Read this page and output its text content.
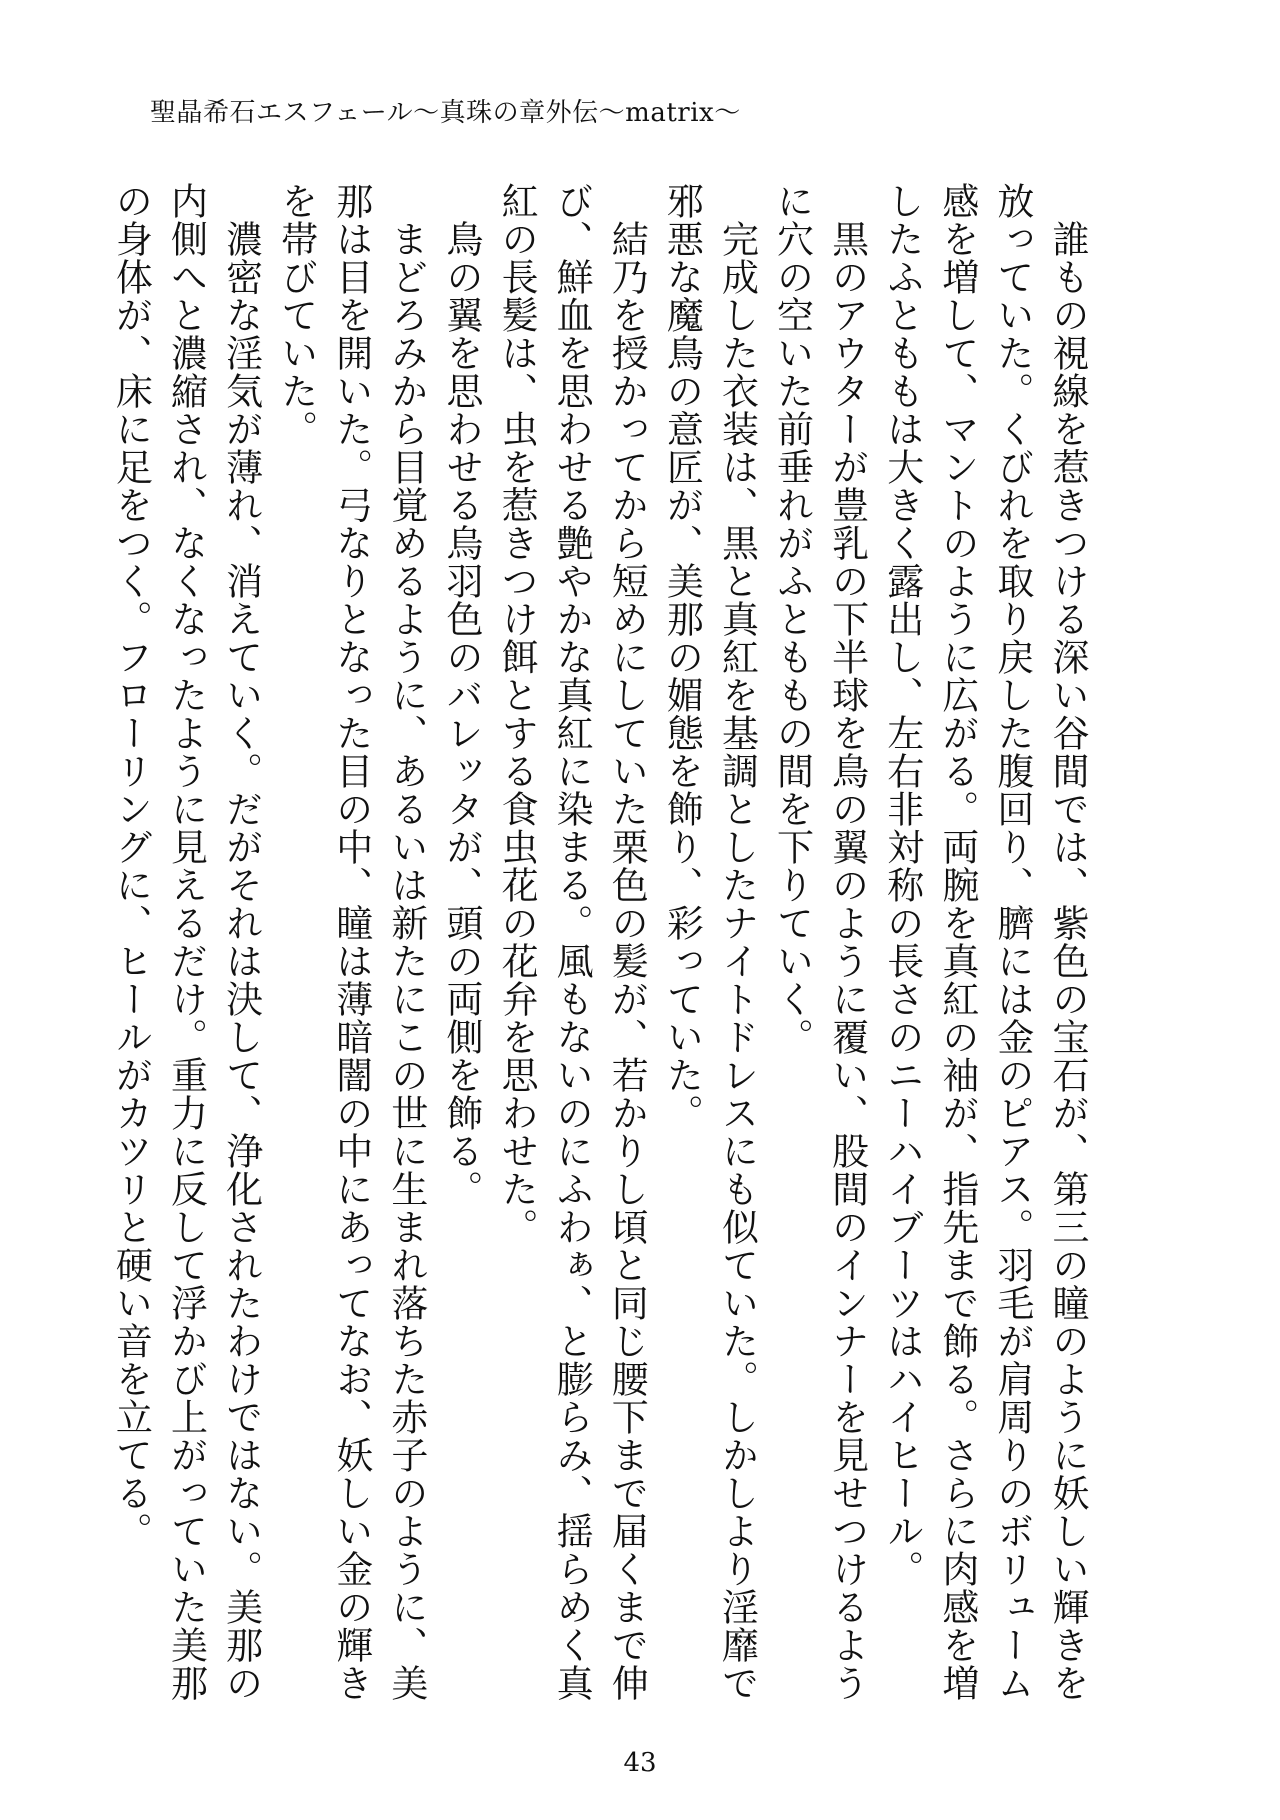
聖晶希石エスフェール〜真珠の章外伝〜matrix〜
　誰もの視線を惹きつける深い谷間では、紫色の宝石が、第三の瞳のように妖しい輝きを
放っていた。くびれを取り戻した腹回り、臍には金のピアス。羽毛が肩周りのボリューム
感を増して、マントのように広がる。両腕を真紅の袖が、指先まで飾る。さらに肉感を増
したふとももは大きく露出し、左右非対称の長さのニーハイブーツはハイヒール。
　黒のアウターが豊乳の下半球を鳥の翼のように覆い、股間のインナーを見せつけるよう
に穴の空いた前垂れがふとももの間を下りていく。
　完成した衣装は、黒と真紅を基調としたナイトドレスにも似ていた。しかしより淫靡で
邪悪な魔鳥の意匠が、美那の媚態を飾り、彩っていた。
　結乃を授かってから短めにしていた栗色の髪が、若かりし頃と同じ腰下まで届くまで伸
び、鮮血を思わせる艶やかな真紅に染まる。風もないのにふわぁ、と膨らみ、揺らめく真
紅の長髪は、虫を惹きつけ餌とする食虫花の花弁を思わせた。
　鳥の翼を思わせる烏羽色のバレッタが、頭の両側を飾る。
　まどろみから目覚めるように、あるいは新たにこの世に生まれ落ちた赤子のように、美
那は目を開いた。弓なりとなった目の中、瞳は薄暗闇の中にあってなお、妖しい金の輝き
を帯びていた。
　濃密な淫気が薄れ、消えていく。だがそれは決して、浄化されたわけではない。美那の
内側へと濃縮され、なくなったように見えるだけ。重力に反して浮かび上がっていた美那
の身体が、床に足をつく。フローリングに、ヒールがカツリと硬い音を立てる。
43
